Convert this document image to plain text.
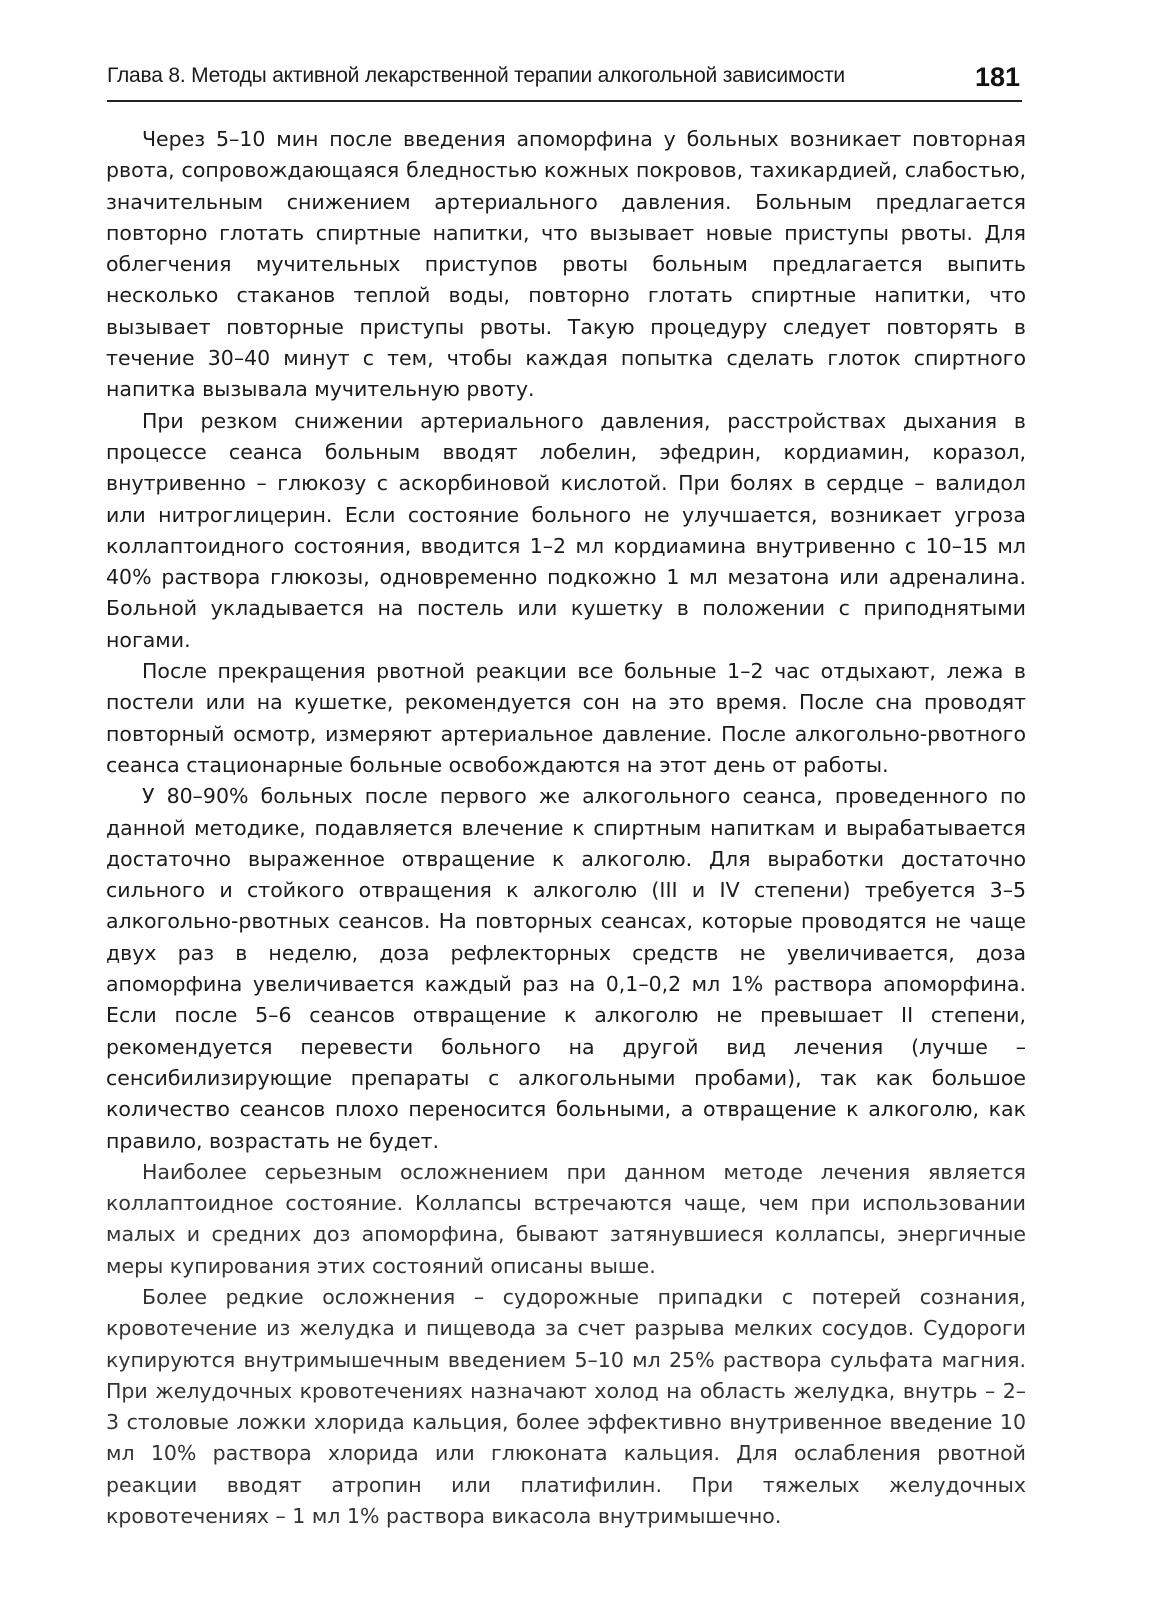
Глава 8. Методы активной лекарственной терапии алкогольной зависимости	181

Через 5–10 мин после введения апоморфина у больных возникает повторная рвота, сопровождающаяся бледностью кожных покровов, тахикардией, слабостью, значительным снижением артериального давления. Больным предлагается повторно глотать спиртные напитки, что вызывает новые приступы рвоты. Для облегчения мучительных приступов рвоты больным предлагается выпить несколько стаканов теплой воды, повторно глотать спиртные напитки, что вызывает повторные приступы рвоты. Такую процедуру следует повторять в течение 30–40 минут с тем, чтобы каждая попытка сделать глоток спиртного напитка вызывала мучительную рвоту.

При резком снижении артериального давления, расстройствах дыхания в процессе сеанса больным вводят лобелин, эфедрин, кордиамин, коразол, внутривенно – глюкозу с аскорбиновой кислотой. При болях в сердце – валидол или нитроглицерин. Если состояние больного не улучшается, возникает угроза коллаптоидного состояния, вводится 1–2 мл кордиамина внутривенно с 10–15 мл 40% раствора глюкозы, одновременно подкожно 1 мл мезатона или адреналина. Больной укладывается на постель или кушетку в положении с приподнятыми ногами.

После прекращения рвотной реакции все больные 1–2 час отдыхают, лежа в постели или на кушетке, рекомендуется сон на это время. После сна проводят повторный осмотр, измеряют артериальное давление. После алкогольно-рвотного сеанса стационарные больные освобождаются на этот день от работы.

У 80–90% больных после первого же алкогольного сеанса, проведенного по данной методике, подавляется влечение к спиртным напиткам и вырабатывается достаточно выраженное отвращение к алкоголю. Для выработки достаточно сильного и стойкого отвращения к алкоголю (III и IV степени) требуется 3–5 алкогольно-рвотных сеансов. На повторных сеансах, которые проводятся не чаще двух раз в неделю, доза рефлекторных средств не увеличивается, доза апоморфина увеличивается каждый раз на 0,1–0,2 мл 1% раствора апоморфина. Если после 5–6 сеансов отвращение к алкоголю не превышает II степени, рекомендуется перевести больного на другой вид лечения (лучше – сенсибилизирующие препараты с алкогольными пробами), так как большое количество сеансов плохо переносится больными, а отвращение к алкоголю, как правило, возрастать не будет.

Наиболее серьезным осложнением при данном методе лечения является коллаптоидное состояние. Коллапсы встречаются чаще, чем при использовании малых и средних доз апоморфина, бывают затянувшиеся коллапсы, энергичные меры купирования этих состояний описаны выше.

Более редкие осложнения – судорожные припадки с потерей сознания, кровотечение из желудка и пищевода за счет разрыва мелких сосудов. Судороги купируются внутримышечным введением 5–10 мл 25% раствора сульфата магния. При желудочных кровотечениях назначают холод на область желудка, внутрь – 2–3 столовые ложки хлорида кальция, более эффективно внутривенное введение 10 мл 10% раствора хлорида или глюконата кальция. Для ослабления рвотной реакции вводят атропин или платифилин. При тяжелых желудочных кровотечениях – 1 мл 1% раствора викасола внутримышечно.
